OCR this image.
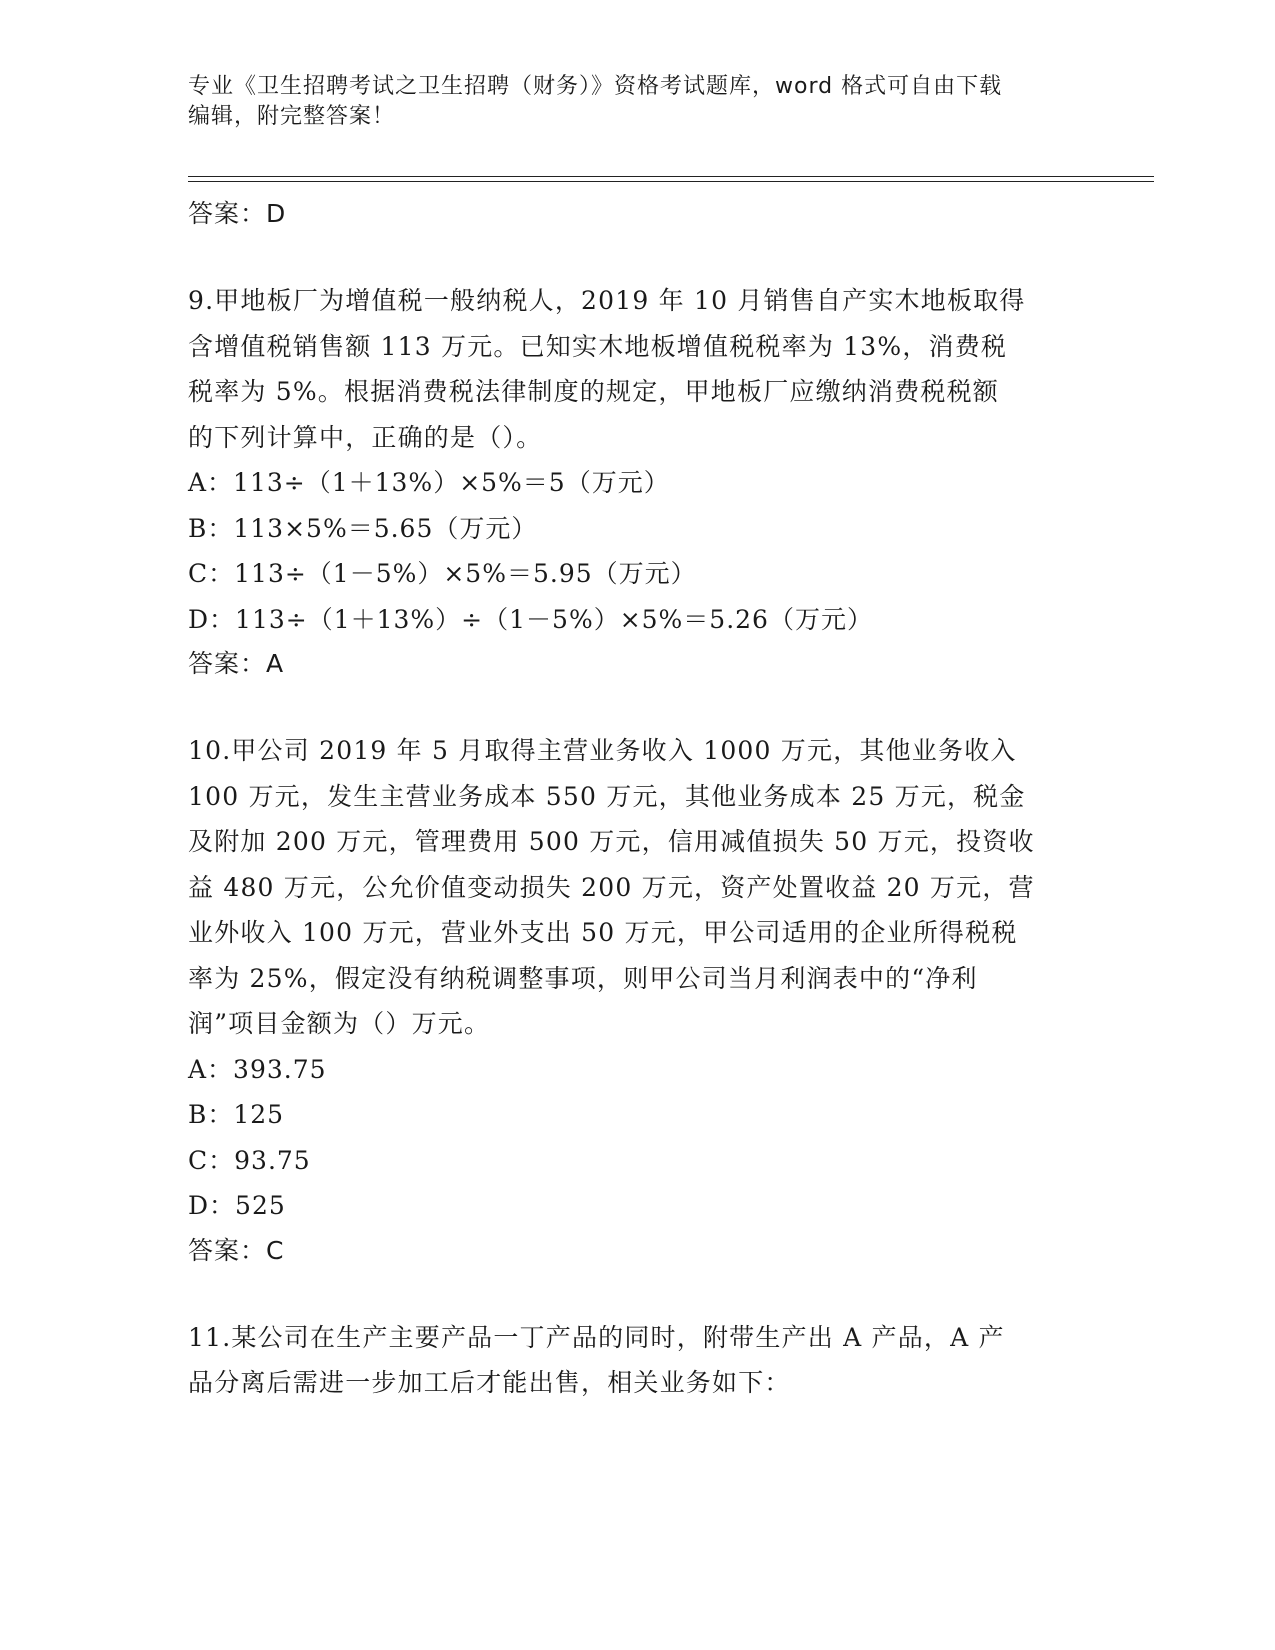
专业《卫生招聘考试之卫生招聘（财务）》资格考试题库，word 格式可自由下载
编辑，附完整答案！
答案：D
9.甲地板厂为增值税一般纳税人，2019 年 10 月销售自产实木地板取得
含增值税销售额 113 万元。已知实木地板增值税税率为 13%，消费税
税率为 5%。根据消费税法律制度的规定，甲地板厂应缴纳消费税税额
的下列计算中，正确的是（）。
A：113÷（1＋13%）×5%＝5（万元）
B：113×5%＝5.65（万元）
C：113÷（1－5%）×5%＝5.95（万元）
D：113÷（1＋13%）÷（1－5%）×5%＝5.26（万元）
答案：A
10.甲公司 2019 年 5 月取得主营业务收入 1000 万元，其他业务收入
100 万元，发生主营业务成本 550 万元，其他业务成本 25 万元，税金
及附加 200 万元，管理费用 500 万元，信用减值损失 50 万元，投资收
益 480 万元，公允价值变动损失 200 万元，资产处置收益 20 万元，营
业外收入 100 万元，营业外支出 50 万元，甲公司适用的企业所得税税
率为 25%，假定没有纳税调整事项，则甲公司当月利润表中的“净利
润”项目金额为（）万元。
A：393.75
B：125
C：93.75
D：525
答案：C
11.某公司在生产主要产品一丁产品的同时，附带生产出 A 产品，A 产
品分离后需进一步加工后才能出售，相关业务如下：
